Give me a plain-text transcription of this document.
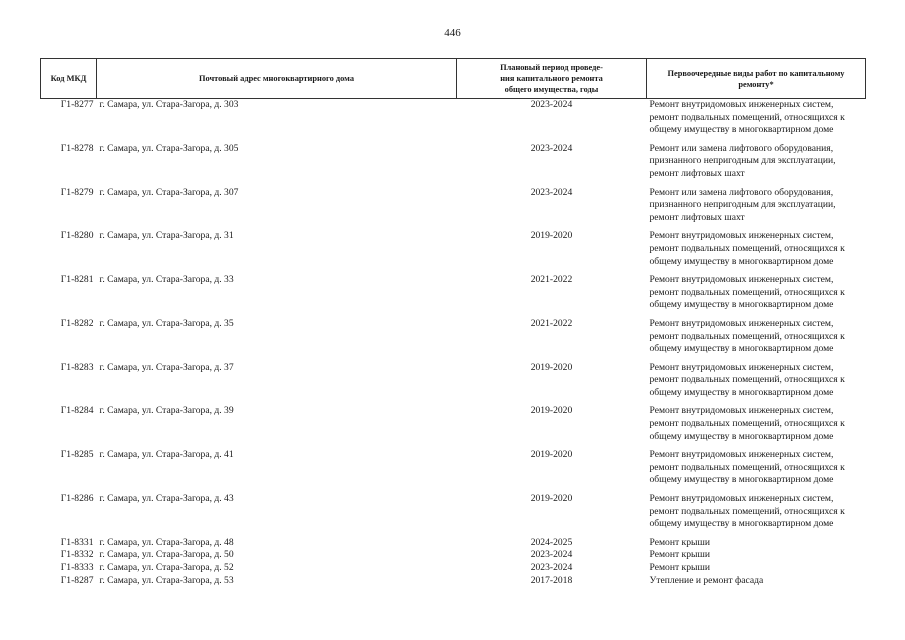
446
Код МКД	Почтовый адрес многоквартирного дома	Плановый период проведе-
ния капитального ремонта
общего имущества, годы	Первоочередные виды работ по капитальному
ремонту*
Г1-8277	г. Самара, ул. Стара-Загора, д. 303	2023-2024	Ремонт внутридомовых инженерных систем,
ремонт подвальных помещений, относящихся к
общему имуществу в многоквартирном доме
Г1-8278	г. Самара, ул. Стара-Загора, д. 305	2023-2024	Ремонт или замена лифтового оборудования,
признанного непригодным для эксплуатации,
ремонт лифтовых шахт
Г1-8279	г. Самара, ул. Стара-Загора, д. 307	2023-2024	Ремонт или замена лифтового оборудования,
признанного непригодным для эксплуатации,
ремонт лифтовых шахт
Г1-8280	г. Самара, ул. Стара-Загора, д. 31	2019-2020	Ремонт внутридомовых инженерных систем,
ремонт подвальных помещений, относящихся к
общему имуществу в многоквартирном доме
Г1-8281	г. Самара, ул. Стара-Загора, д. 33	2021-2022	Ремонт внутридомовых инженерных систем,
ремонт подвальных помещений, относящихся к
общему имуществу в многоквартирном доме
Г1-8282	г. Самара, ул. Стара-Загора, д. 35	2021-2022	Ремонт внутридомовых инженерных систем,
ремонт подвальных помещений, относящихся к
общему имуществу в многоквартирном доме
Г1-8283	г. Самара, ул. Стара-Загора, д. 37	2019-2020	Ремонт внутридомовых инженерных систем,
ремонт подвальных помещений, относящихся к
общему имуществу в многоквартирном доме
Г1-8284	г. Самара, ул. Стара-Загора, д. 39	2019-2020	Ремонт внутридомовых инженерных систем,
ремонт подвальных помещений, относящихся к
общему имуществу в многоквартирном доме
Г1-8285	г. Самара, ул. Стара-Загора, д. 41	2019-2020	Ремонт внутридомовых инженерных систем,
ремонт подвальных помещений, относящихся к
общему имуществу в многоквартирном доме
Г1-8286	г. Самара, ул. Стара-Загора, д. 43	2019-2020	Ремонт внутридомовых инженерных систем,
ремонт подвальных помещений, относящихся к
общему имуществу в многоквартирном доме
Г1-8331	г. Самара, ул. Стара-Загора, д. 48	2024-2025	Ремонт крыши
Г1-8332	г. Самара, ул. Стара-Загора, д. 50	2023-2024	Ремонт крыши
Г1-8333	г. Самара, ул. Стара-Загора, д. 52	2023-2024	Ремонт крыши
Г1-8287	г. Самара, ул. Стара-Загора, д. 53	2017-2018	Утепление и ремонт фасада
